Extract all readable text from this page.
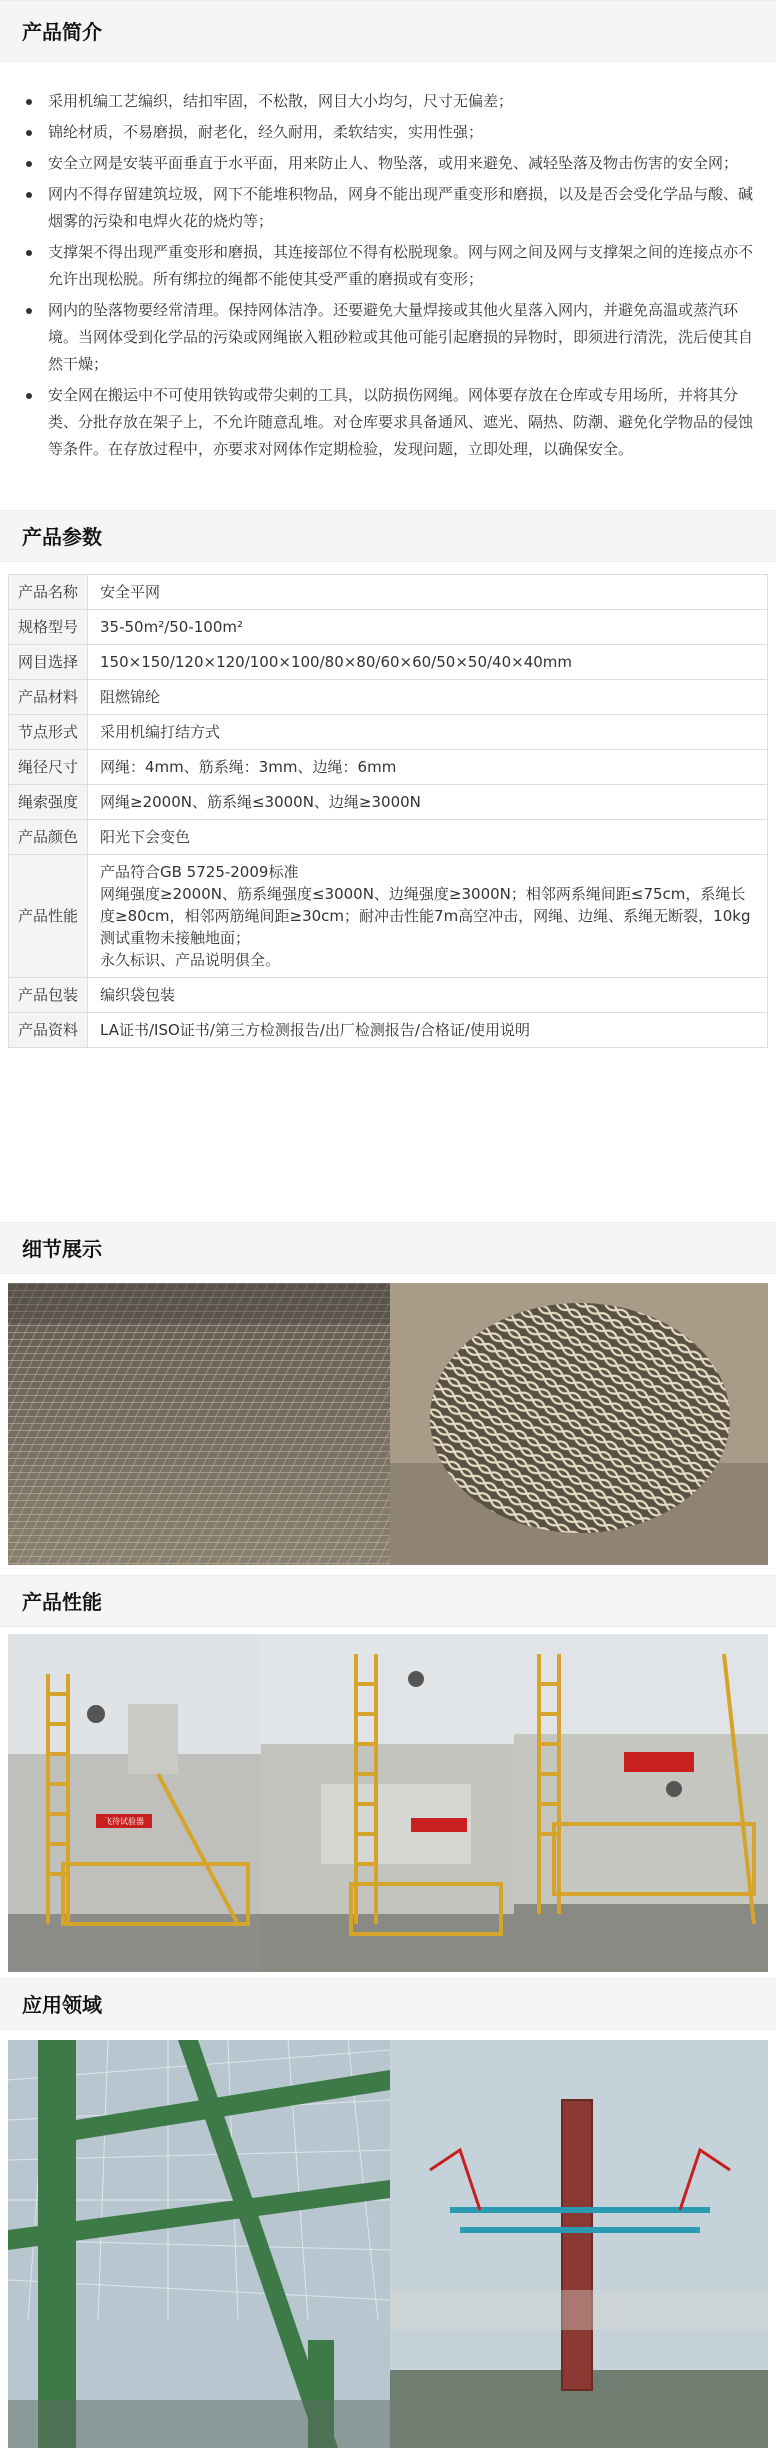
产品简介
采用机编工艺编织，结扣牢固，不松散，网目大小均匀，尺寸无偏差；
锦纶材质，不易磨损，耐老化，经久耐用，柔软结实，实用性强；
安全立网是安装平面垂直于水平面，用来防止人、物坠落，或用来避免、减轻坠落及物击伤害的安全网；
网内不得存留建筑垃圾，网下不能堆积物品，网身不能出现严重变形和磨损，以及是否会受化学品与酸、碱烟雾的污染和电焊火花的烧灼等；
支撑架不得出现严重变形和磨损，其连接部位不得有松脱现象。网与网之间及网与支撑架之间的连接点亦不允许出现松脱。所有绑拉的绳都不能使其受严重的磨损或有变形；
网内的坠落物要经常清理。保持网体洁净。还要避免大量焊接或其他火星落入网内，并避免高温或蒸汽环境。当网体受到化学品的污染或网绳嵌入粗砂粒或其他可能引起磨损的异物时，即须进行清洗，洗后使其自然干燥；
安全网在搬运中不可使用铁钩或带尖刺的工具，以防损伤网绳。网体要存放在仓库或专用场所，并将其分类、分批存放在架子上，不允许随意乱堆。对仓库要求具备通风、遮光、隔热、防潮、避免化学物品的侵蚀等条件。在存放过程中，亦要求对网体作定期检验，发现问题，立即处理，以确保安全。
产品参数
产品名称	安全平网

规格型号	35-50m²/50-100m²

网目选择	150×150/120×120/100×100/80×80/60×60/50×50/40×40mm

产品材料	阻燃锦纶

节点形式	采用机编打结方式

绳径尺寸	网绳：4mm、筋系绳：3mm、边绳：6mm

绳索强度	网绳≥2000N、筋系绳≤3000N、边绳≥3000N

产品颜色	阳光下会变色

产品性能	产品符合GB 5725-2009标准
网绳强度≥2000N、筋系绳强度≤3000N、边绳强度≥3000N；相邻两系绳间距≤75cm，系绳长度≥80cm，相邻两筋绳间距≥30cm；耐冲击性能7m高空冲击，网绳、边绳、系绳无断裂，10kg测试重物未接触地面；
永久标识、产品说明俱全。

产品包装	编织袋包装

产品资料	LA证书/ISO证书/第三方检测报告/出厂检测报告/合格证/使用说明
细节展示
产品性能
飞待试验器
应用领域
